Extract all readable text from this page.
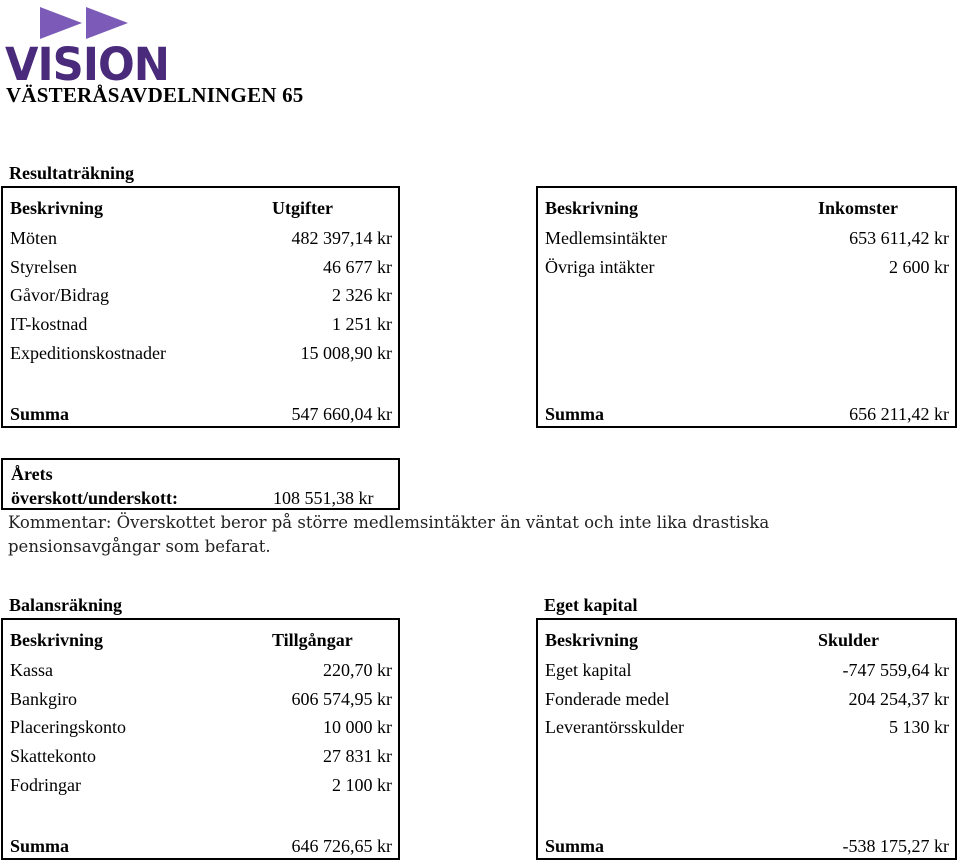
VISION
VÄSTERÅSAVDELNINGEN 65
Resultaträkning
Beskrivning	Utgifter
Möten	482 397,14 kr
Styrelsen	46 677 kr
Gåvor/Bidrag	2 326 kr
IT-kostnad	1 251 kr
Expeditionskostnader	15 008,90 kr
Summa	547 660,04 kr
Beskrivning	Inkomster
Medlemsintäkter	653 611,42 kr
Övriga intäkter	2 600 kr
Summa	656 211,42 kr
Årets
överskott/underskott:	108 551,38 kr
Kommentar: Överskottet beror på större medlemsintäkter än väntat och inte lika drastiska pensionsavgångar som befarat.
Balansräkning	Eget kapital
Beskrivning	Tillgångar
Kassa	220,70 kr
Bankgiro	606 574,95 kr
Placeringskonto	10 000 kr
Skattekonto	27 831 kr
Fodringar	2 100 kr
Summa	646 726,65 kr
Beskrivning	Skulder
Eget kapital	-747 559,64 kr
Fonderade medel	204 254,37 kr
Leverantörsskulder	5 130 kr
Summa	-538 175,27 kr
